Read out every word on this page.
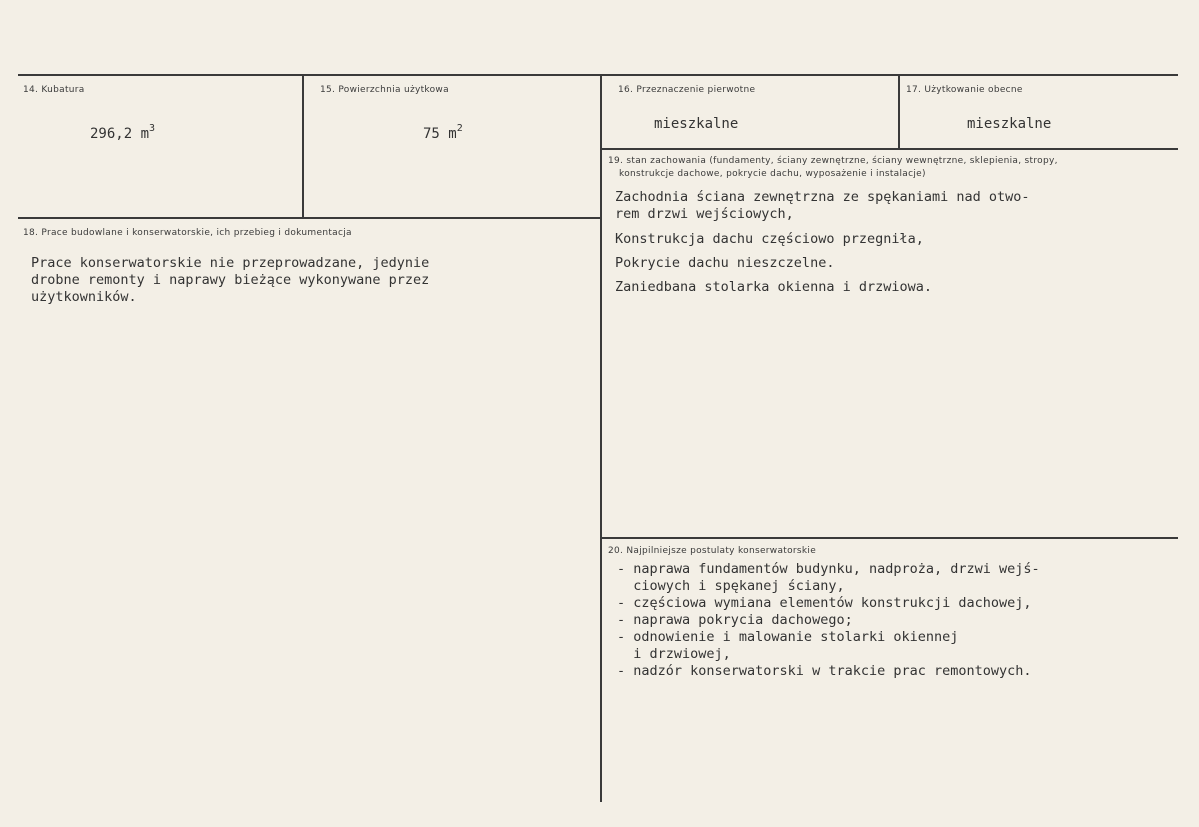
14. Kubatura
296,2 $m^3$
15. Powierzchnia użytkowa
75 $m^2$
16. Przeznaczenie pierwotne
mieszkalne
17. Użytkowanie obecne
mieszkalne
18. Prace budowlane i konserwatorskie, ich przebieg i dokumentacja
Prace konserwatorskie nie przeprowadzane, jedynie
drobne remonty i naprawy bieżące wykonywane przez
użytkowników.
19. stan zachowania (fundamenty, ściany zewnętrzne, ściany wewnętrzne, sklepienia, stropy,
konstrukcje dachowe, pokrycie dachu, wyposażenie i instalacje)
Zachodnia ściana zewnętrzna ze spękaniami nad otwo-
rem drzwi wejściowych,
Konstrukcja dachu częściowo przegniła,
Pokrycie dachu nieszczelne.
Zaniedbana stolarka okienna i drzwiowa.
20. Najpilniejsze postulaty konserwatorskie
- naprawa fundamentów budynku, nadproża, drzwi wejś-
ciowych i spękanej ściany,
- częściowa wymiana elementów konstrukcji dachowej,
- naprawa pokrycia dachowego;
- odnowienie i malowanie stolarki okiennej
i drzwiowej,
- nadzór konserwatorski w trakcie prac remontowych.
